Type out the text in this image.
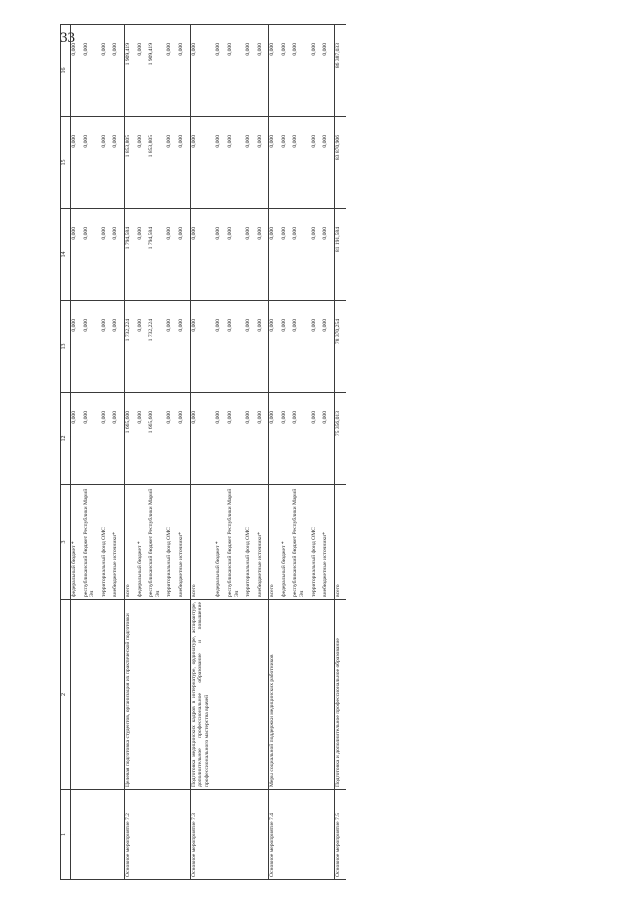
33
1	2	3	12	13	14	15	16
		федеральный бюджет *	0,000	0,000	0,000	0,000	0,000

		республиканский бюджет Республики Марий Эл	0,000	0,000	0,000	0,000	0,000

		территориальный фонд ОМС	0,000	0,000	0,000	0,000	0,000

		внебюджетные источники*	0,000	0,000	0,000	0,000	0,000

Основное мероприятие 7.2	Целевая подготовка студентов, организация их практической подготовки	всего	1 665,600	1 732,224	1 794,584	1 853,805	1 909,419

		федеральный бюджет *	0,000	0,000	0,000	0,000	0,000

		республиканский бюджет Республики Марий Эл	1 665,600	1 732,224	1 794,584	1 853,805	1 909,419

		территориальный фонд ОМС	0,000	0,000	0,000	0,000	0,000

		внебюджетные источники*	0,000	0,000	0,000	0,000	0,000

Основное мероприятие 7.3	Подготовка медицинских кадров в интернатуре, ординатуре, аспирантуре, дополнительное профессиональное образование и повышение профессионального мастерства врачей	всего	0,000	0,000	0,000	0,000	0,000

		федеральный бюджет *	0,000	0,000	0,000	0,000	0,000

		республиканский бюджет Республики Марий Эл	0,000	0,000	0,000	0,000	0,000

		территориальный фонд ОМС	0,000	0,000	0,000	0,000	0,000

		внебюджетные источники*	0,000	0,000	0,000	0,000	0,000

Основное мероприятие 7.4	Меры социальной поддержки медицинских работников	всего	0,000	0,000	0,000	0,000	0,000

		федеральный бюджет *	0,000	0,000	0,000	0,000	0,000

		республиканский бюджет Республики Марий Эл	0,000	0,000	0,000	0,000	0,000

		территориальный фонд ОМС	0,000	0,000	0,000	0,000	0,000

		внебюджетные источники*	0,000	0,000	0,000	0,000	0,000

Основное мероприятие 7.5	Подготовка и дополнительное профессиональное образование	всего	75 356,013	78 370,254	81 191,584	83 870,906	86 387,033
